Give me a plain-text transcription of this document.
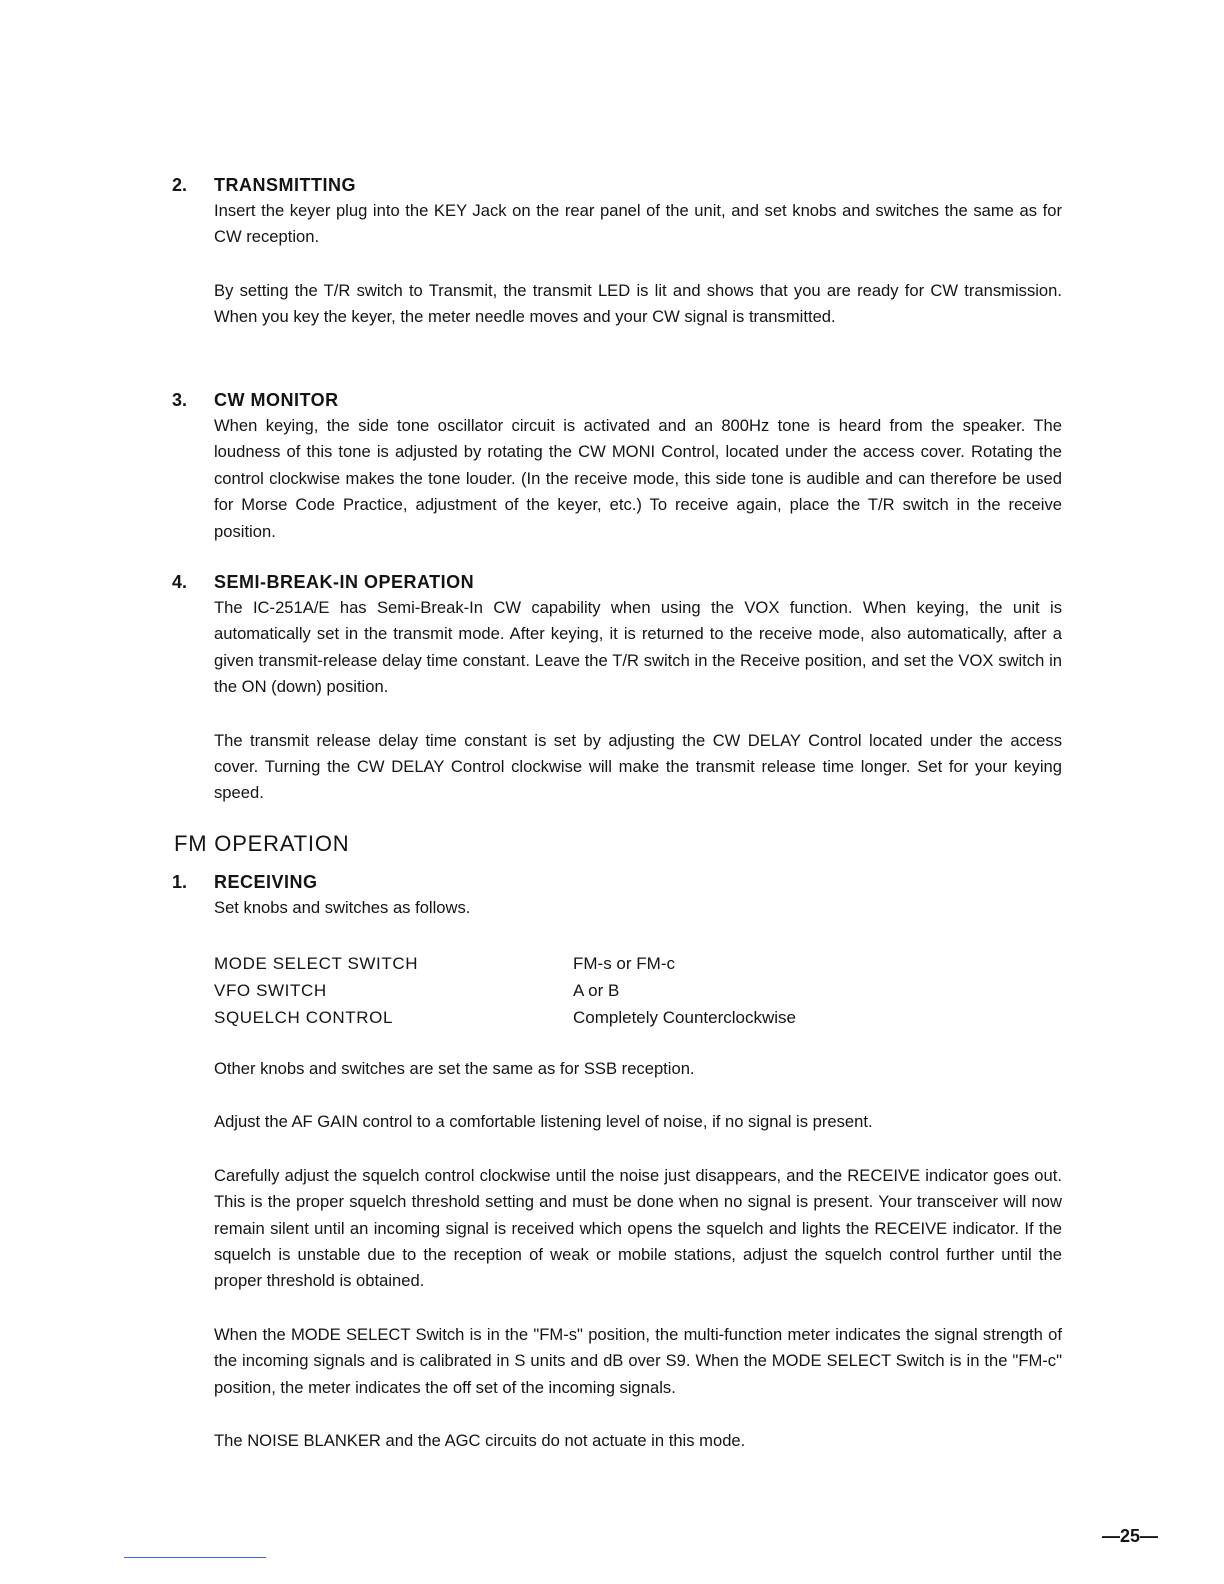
2. TRANSMITTING

Insert the keyer plug into the KEY Jack on the rear panel of the unit, and set knobs and switches the same as for CW reception.

By setting the T/R switch to Transmit, the transmit LED is lit and shows that you are ready for CW transmission. When you key the keyer, the meter needle moves and your CW signal is transmitted.

3. CW MONITOR

When keying, the side tone oscillator circuit is activated and an 800Hz tone is heard from the speaker. The loudness of this tone is adjusted by rotating the CW MONI Control, located under the access cover. Rotating the control clockwise makes the tone louder. (In the receive mode, this side tone is audible and can therefore be used for Morse Code Practice, adjustment of the keyer, etc.) To receive again, place the T/R switch in the receive position.

4. SEMI-BREAK-IN OPERATION

The IC-251A/E has Semi-Break-In CW capability when using the VOX function. When keying, the unit is automatically set in the transmit mode. After keying, it is returned to the receive mode, also automatically, after a given transmit-release delay time constant. Leave the T/R switch in the Receive position, and set the VOX switch in the ON (down) position.

The transmit release delay time constant is set by adjusting the CW DELAY Control located under the access cover. Turning the CW DELAY Control clockwise will make the transmit release time longer. Set for your keying speed.

FM OPERATION
1. RECEIVING

Set knobs and switches as follows.

MODE SELECT SWITCH	FM-s or FM-c
VFO SWITCH	A or B
SQUELCH CONTROL	Completely Counterclockwise

Other knobs and switches are set the same as for SSB reception.

Adjust the AF GAIN control to a comfortable listening level of noise, if no signal is present.

Carefully adjust the squelch control clockwise until the noise just disappears, and the RECEIVE indicator goes out. This is the proper squelch threshold setting and must be done when no signal is present. Your transceiver will now remain silent until an incoming signal is received which opens the squelch and lights the RECEIVE indicator. If the squelch is unstable due to the reception of weak or mobile stations, adjust the squelch control further until the proper threshold is obtained.

When the MODE SELECT Switch is in the "FM-s" position, the multi-function meter indicates the signal strength of the incoming signals and is calibrated in S units and dB over S9. When the MODE SELECT Switch is in the "FM-c" position, the meter indicates the off set of the incoming signals.

The NOISE BLANKER and the AGC circuits do not actuate in this mode.

—25—
